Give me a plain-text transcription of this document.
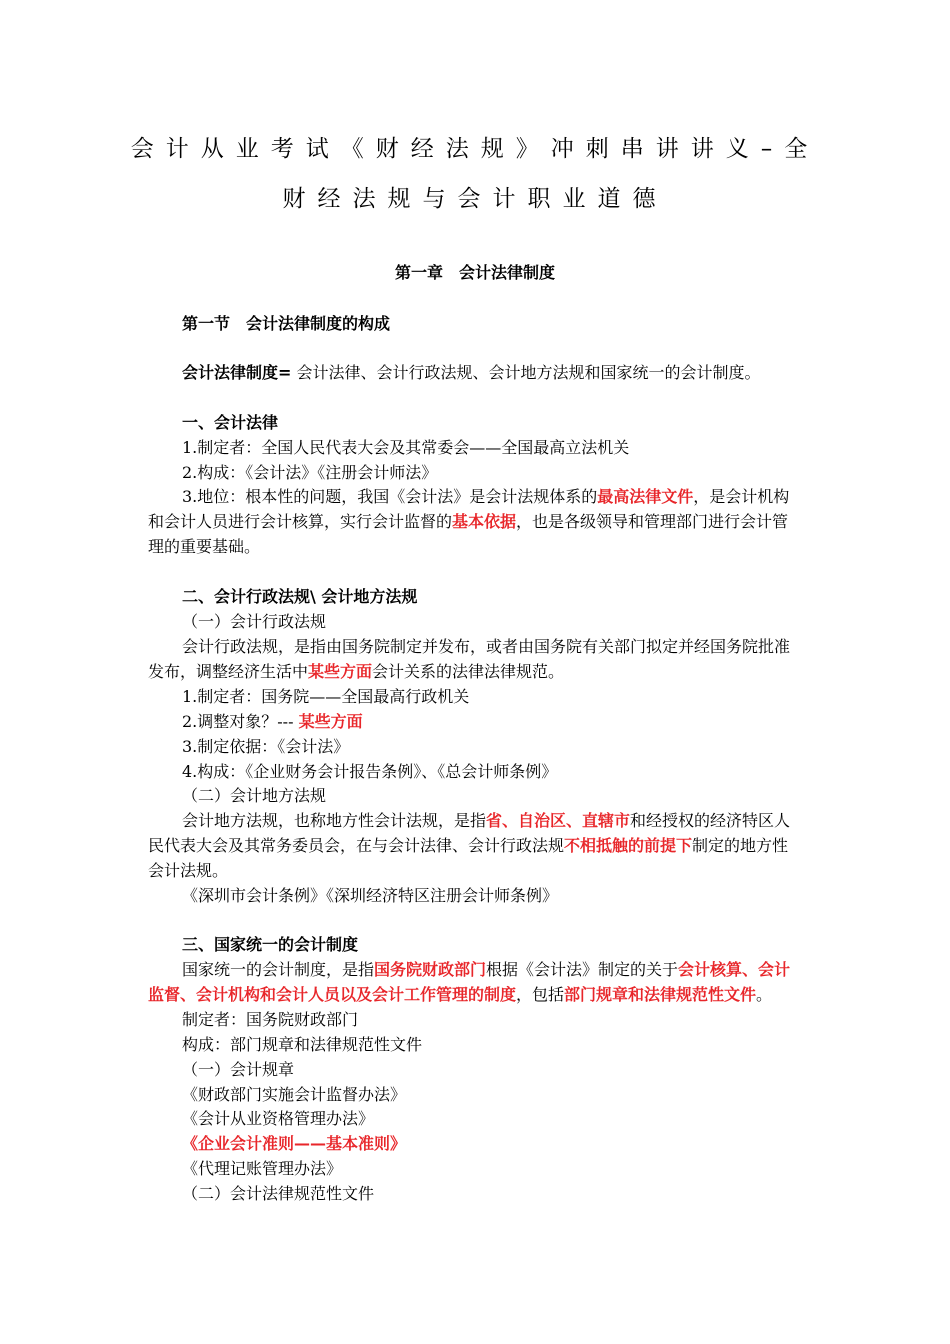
会计从业考试《财经法规》冲刺串讲讲义–全
财经法规与会计职业道德
第一章　会计法律制度
第一节　会计法律制度的构成
会计法律制度= 会计法律、会计行政法规、会计地方法规和国家统一的会计制度。
一、会计法律
1.制定者：全国人民代表大会及其常委会——全国最高立法机关
2.构成：《会计法》《注册会计师法》
3.地位：根本性的问题，我国《会计法》是会计法规体系的最高法律文件，是会计机构和会计人员进行会计核算，实行会计监督的基本依据，也是各级领导和管理部门进行会计管理的重要基础。
二、会计行政法规\ 会计地方法规
（一）会计行政法规
会计行政法规，是指由国务院制定并发布，或者由国务院有关部门拟定并经国务院批准发布，调整经济生活中某些方面会计关系的法律法律规范。
1.制定者：国务院——全国最高行政机关
2.调整对象？--- 某些方面
3.制定依据：《会计法》
4.构成：《企业财务会计报告条例》、《总会计师条例》
（二）会计地方法规
会计地方法规，也称地方性会计法规，是指省、自治区、直辖市和经授权的经济特区人民代表大会及其常务委员会，在与会计法律、会计行政法规不相抵触的前提下制定的地方性会计法规。
《深圳市会计条例》《深圳经济特区注册会计师条例》
三、国家统一的会计制度
国家统一的会计制度，是指国务院财政部门根据《会计法》制定的关于会计核算、会计监督、会计机构和会计人员以及会计工作管理的制度，包括部门规章和法律规范性文件。
制定者：国务院财政部门
构成：部门规章和法律规范性文件
（一）会计规章
《财政部门实施会计监督办法》
《会计从业资格管理办法》
《企业会计准则——基本准则》
《代理记账管理办法》
（二）会计法律规范性文件
